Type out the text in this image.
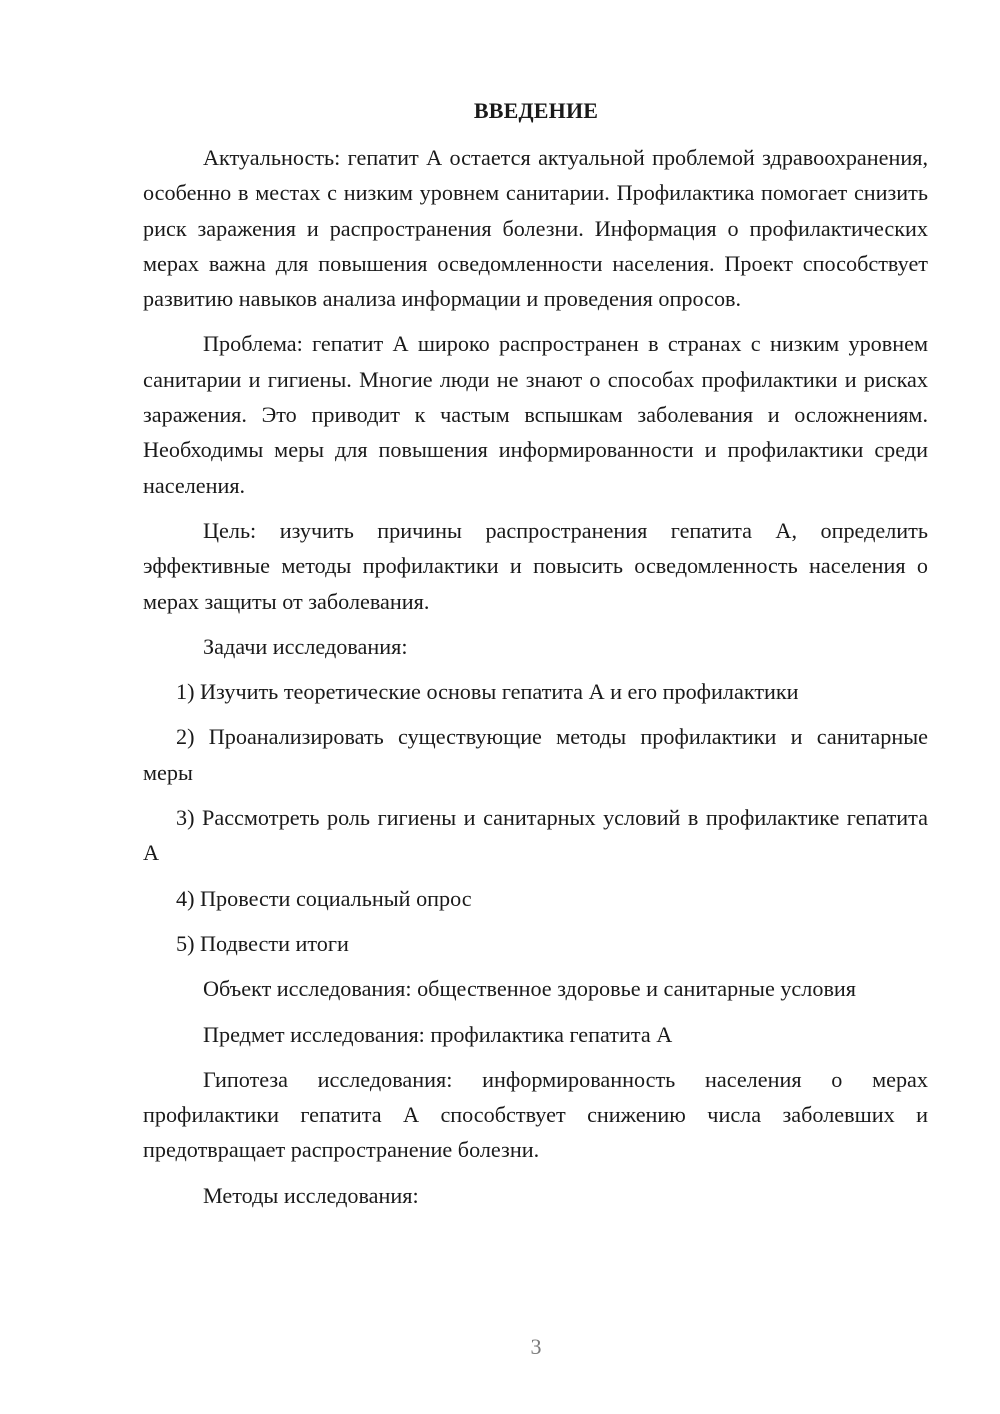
ВВЕДЕНИЕ

Актуальность: гепатит А остается актуальной проблемой здравоохранения, особенно в местах с низким уровнем санитарии. Профилактика помогает снизить риск заражения и распространения болезни. Информация о профилактических мерах важна для повышения осведомленности населения. Проект способствует развитию навыков анализа информации и проведения опросов.

Проблема: гепатит А широко распространен в странах с низким уровнем санитарии и гигиены. Многие люди не знают о способах профилактики и рисках заражения. Это приводит к частым вспышкам заболевания и осложнениям. Необходимы меры для повышения информированности и профилактики среди населения.

Цель: изучить причины распространения гепатита А, определить эффективные методы профилактики и повысить осведомленность населения о мерах защиты от заболевания.

Задачи исследования:

1) Изучить теоретические основы гепатита А и его профилактики

2) Проанализировать существующие методы профилактики и санитарные меры

3) Рассмотреть роль гигиены и санитарных условий в профилактике гепатита А

4) Провести социальный опрос

5) Подвести итоги

Объект исследования: общественное здоровье и санитарные условия

Предмет исследования: профилактика гепатита А

Гипотеза исследования: информированность населения о мерах профилактики гепатита А способствует снижению числа заболевших и предотвращает распространение болезни.

Методы исследования:

3
